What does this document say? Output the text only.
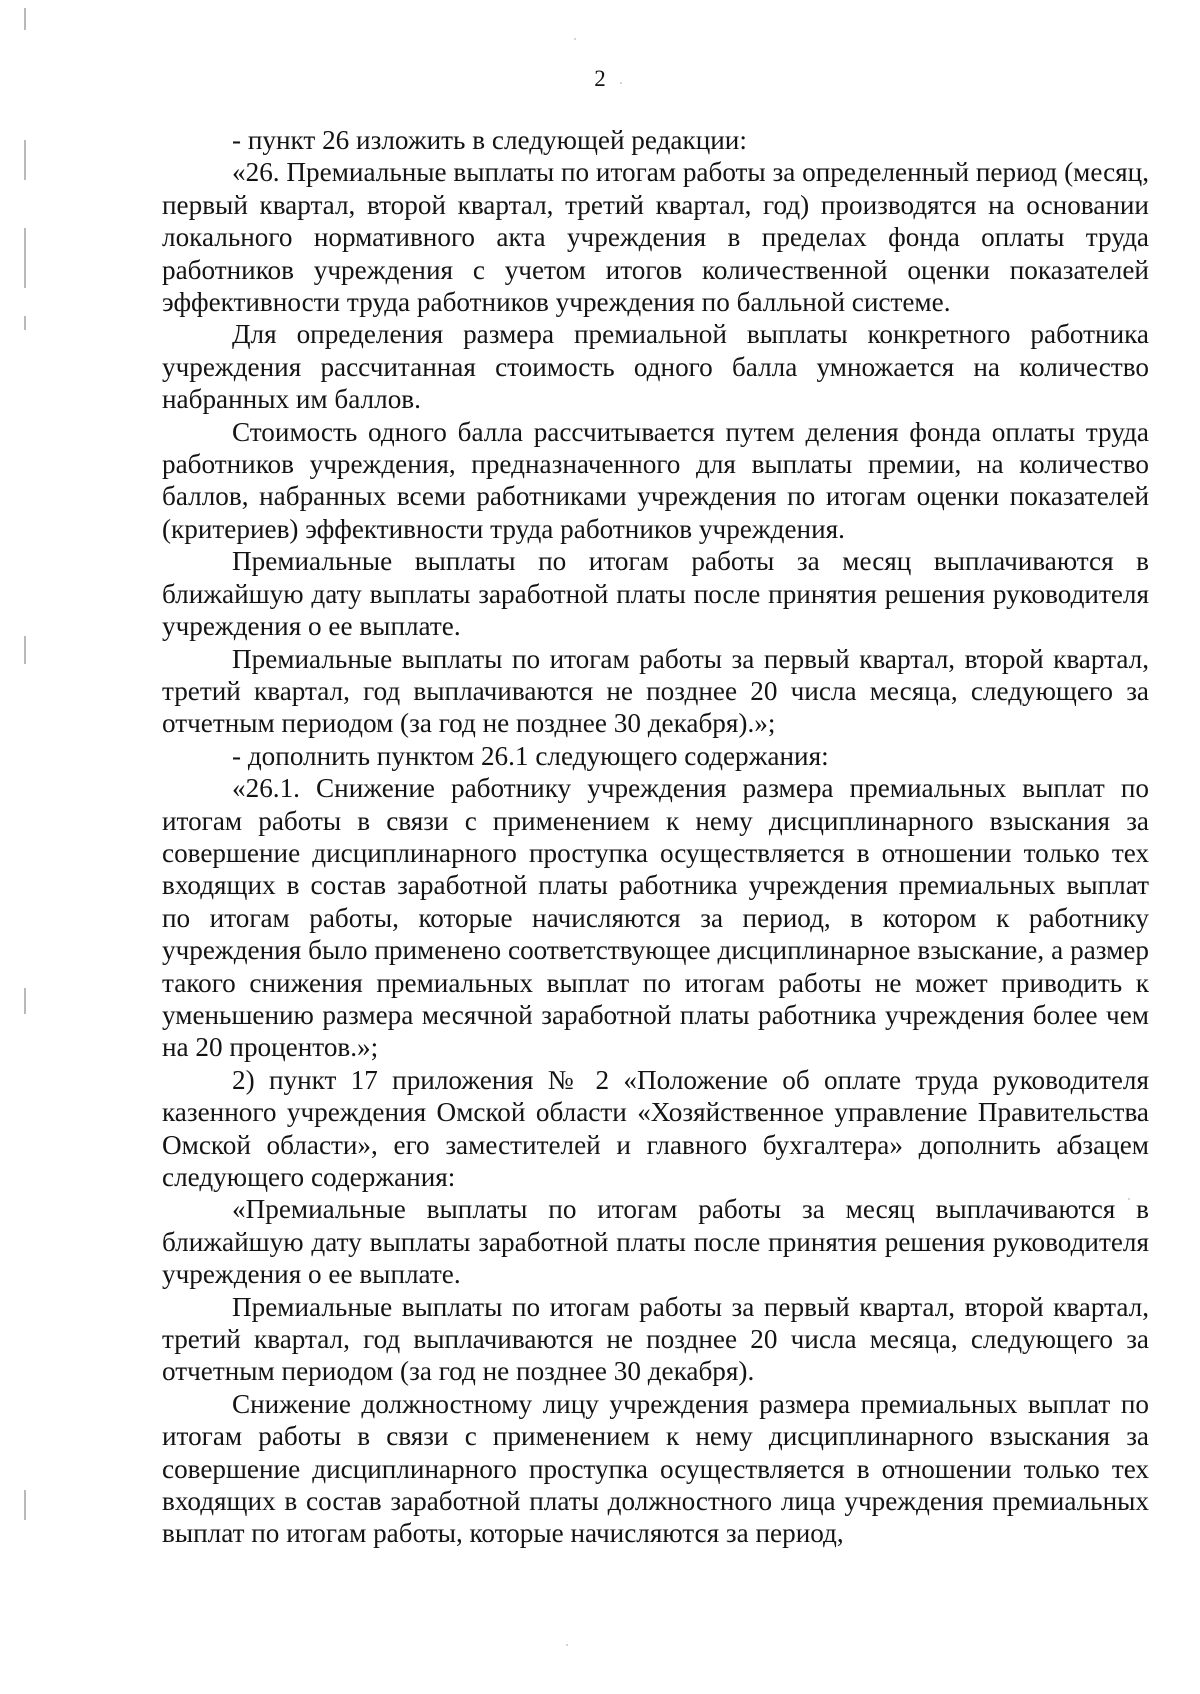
2

- пункт 26 изложить в следующей редакции:

«26. Премиальные выплаты по итогам работы за определенный период (месяц, первый квартал, второй квартал, третий квартал, год) производятся на основании локального нормативного акта учреждения в пределах фонда оплаты труда работников учреждения с учетом итогов количественной оценки показателей эффективности труда работников учреждения по балльной системе.

Для определения размера премиальной выплаты конкретного работника учреждения рассчитанная стоимость одного балла умножается на количество набранных им баллов.

Стоимость одного балла рассчитывается путем деления фонда оплаты труда работников учреждения, предназначенного для выплаты премии, на количество баллов, набранных всеми работниками учреждения по итогам оценки показателей (критериев) эффективности труда работников учреждения.

Премиальные выплаты по итогам работы за месяц выплачиваются в ближайшую дату выплаты заработной платы после принятия решения руководителя учреждения о ее выплате.

Премиальные выплаты по итогам работы за первый квартал, второй квартал, третий квартал, год выплачиваются не позднее 20 числа месяца, следующего за отчетным периодом (за год не позднее 30 декабря).»;

- дополнить пунктом 26.1 следующего содержания:

«26.1. Снижение работнику учреждения размера премиальных выплат по итогам работы в связи с применением к нему дисциплинарного взыскания за совершение дисциплинарного проступка осуществляется в отношении только тех входящих в состав заработной платы работника учреждения премиальных выплат по итогам работы, которые начисляются за период, в котором к работнику учреждения было применено соответствующее дисциплинарное взыскание, а размер такого снижения премиальных выплат по итогам работы не может приводить к уменьшению размера месячной заработной платы работника учреждения более чем на 20 процентов.»;

2) пункт 17 приложения № 2 «Положение об оплате труда руководителя казенного учреждения Омской области «Хозяйственное управление Правительства Омской области», его заместителей и главного бухгалтера» дополнить абзацем следующего содержания:

«Премиальные выплаты по итогам работы за месяц выплачиваются в ближайшую дату выплаты заработной платы после принятия решения руководителя учреждения о ее выплате.

Премиальные выплаты по итогам работы за первый квартал, второй квартал, третий квартал, год выплачиваются не позднее 20 числа месяца, следующего за отчетным периодом (за год не позднее 30 декабря).

Снижение должностному лицу учреждения размера премиальных выплат по итогам работы в связи с применением к нему дисциплинарного взыскания за совершение дисциплинарного проступка осуществляется в отношении только тех входящих в состав заработной платы должностного лица учреждения премиальных выплат по итогам работы, которые начисляются за период,
